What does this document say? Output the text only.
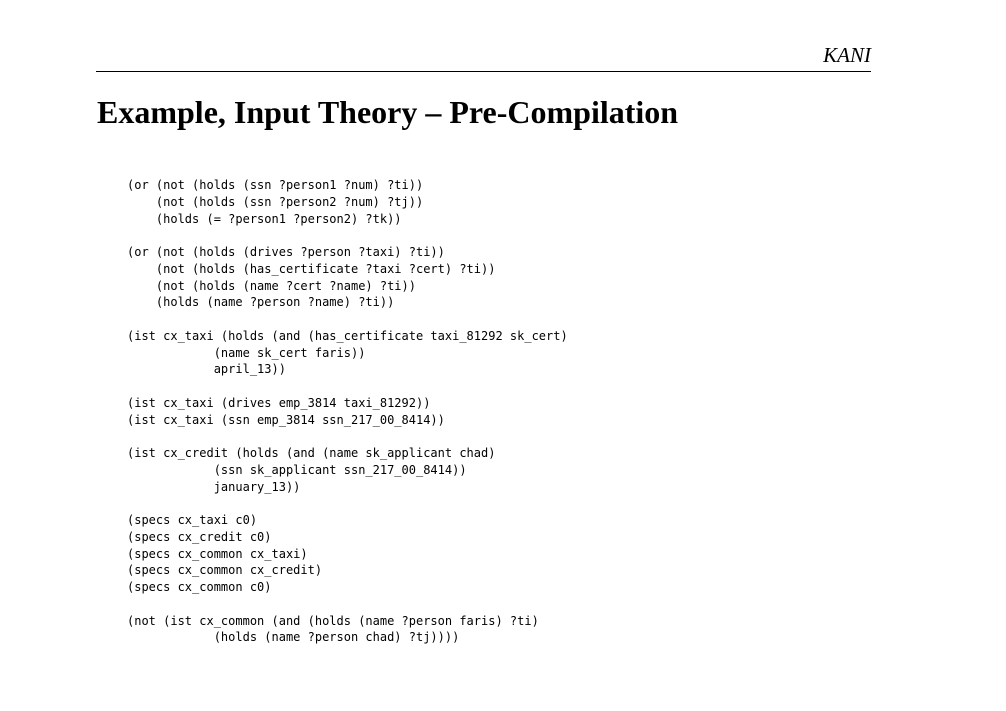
KANI
Example, Input Theory – Pre-Compilation
(or (not (holds (ssn ?person1 ?num) ?ti))
(not (holds (ssn ?person2 ?num) ?tj))
(holds (= ?person1 ?person2) ?tk))
(or (not (holds (drives ?person ?taxi) ?ti))
(not (holds (has_certificate ?taxi ?cert) ?ti))
(not (holds (name ?cert ?name) ?ti))
(holds (name ?person ?name) ?ti))
(ist cx_taxi (holds (and (has_certificate taxi_81292 sk_cert)
(name sk_cert faris))
april_13))
(ist cx_taxi (drives emp_3814 taxi_81292))
(ist cx_taxi (ssn emp_3814 ssn_217_00_8414))
(ist cx_credit (holds (and (name sk_applicant chad)
(ssn sk_applicant ssn_217_00_8414))
january_13))
(specs cx_taxi c0)
(specs cx_credit c0)
(specs cx_common cx_taxi)
(specs cx_common cx_credit)
(specs cx_common c0)
(not (ist cx_common (and (holds (name ?person faris) ?ti)
(holds (name ?person chad) ?tj))))
